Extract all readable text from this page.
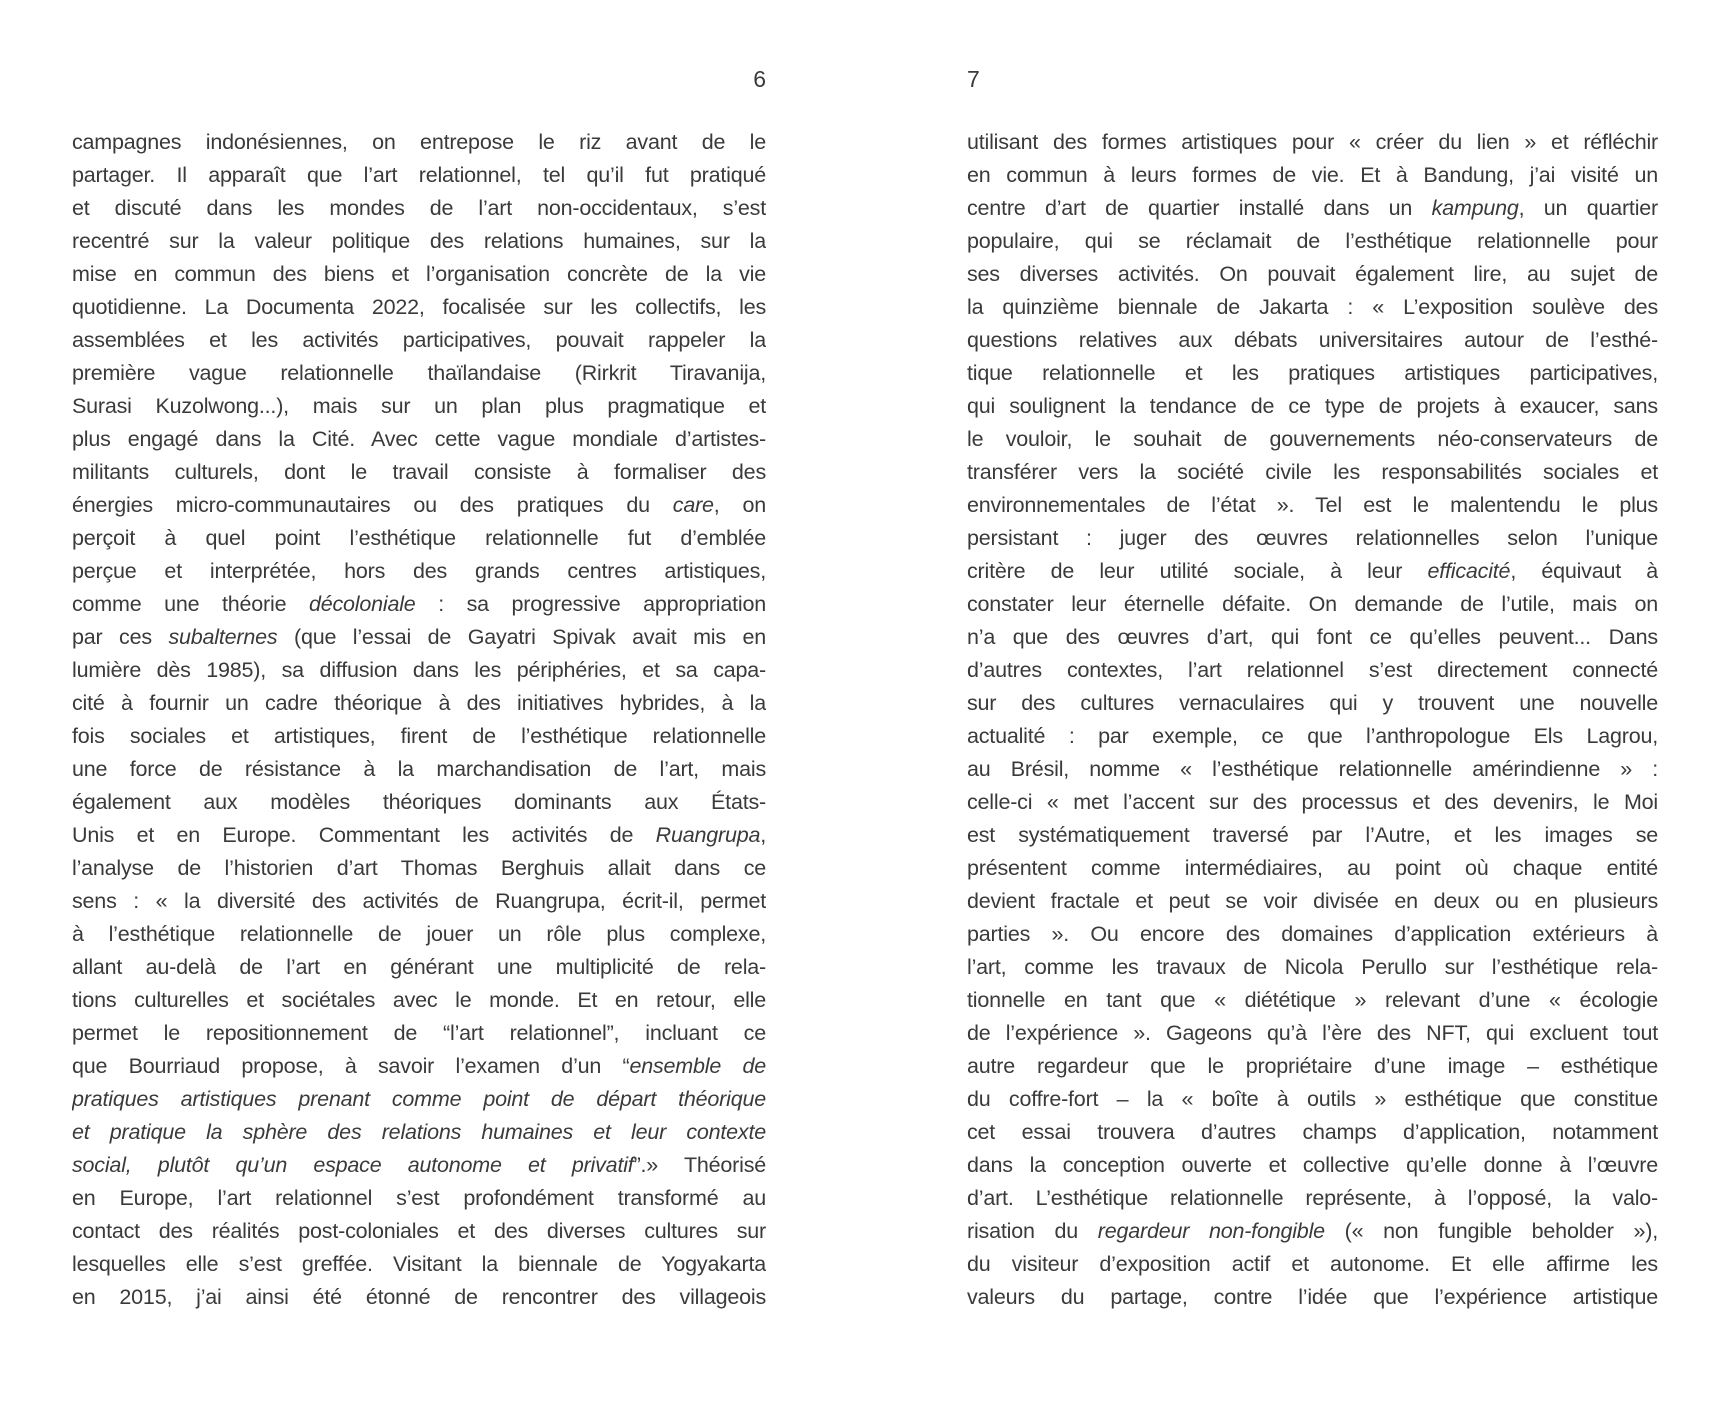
6	7
campagnes indonésiennes, on entrepose le riz avant de le
partager. Il apparaît que l’art relationnel, tel qu’il fut pratiqué
et discuté dans les mondes de l’art non-occidentaux, s’est
recentré sur la valeur politique des relations humaines, sur la
mise en commun des biens et l’organisation concrète de la vie
quotidienne. La Documenta 2022, focalisée sur les collectifs, les
assemblées et les activités participatives, pouvait rappeler la
première vague relationnelle thaïlandaise (Rirkrit Tiravanija,
Surasi Kuzolwong...), mais sur un plan plus pragmatique et
plus engagé dans la Cité. Avec cette vague mondiale d’artistes-
militants culturels, dont le travail consiste à formaliser des
énergies micro-communautaires ou des pratiques du care, on
perçoit à quel point l’esthétique relationnelle fut d’emblée
perçue et interprétée, hors des grands centres artistiques,
comme une théorie décoloniale : sa progressive appropriation
par ces subalternes (que l’essai de Gayatri Spivak avait mis en
lumière dès 1985), sa diffusion dans les périphéries, et sa capa-
cité à fournir un cadre théorique à des initiatives hybrides, à la
fois sociales et artistiques, firent de l’esthétique relationnelle
une force de résistance à la marchandisation de l’art, mais
également aux modèles théoriques dominants aux États-
Unis et en Europe. Commentant les activités de Ruangrupa,
l’analyse de l’historien d’art Thomas Berghuis allait dans ce
sens : « la diversité des activités de Ruangrupa, écrit-il, permet
à l’esthétique relationnelle de jouer un rôle plus complexe,
allant au-delà de l’art en générant une multiplicité de rela-
tions culturelles et sociétales avec le monde. Et en retour, elle
permet le repositionnement de “l’art relationnel”, incluant ce
que Bourriaud propose, à savoir l’examen d’un “ensemble de
pratiques artistiques prenant comme point de départ théorique
et pratique la sphère des relations humaines et leur contexte
social, plutôt qu’un espace autonome et privatif”.» Théorisé
en Europe, l’art relationnel s’est profondément transformé au
contact des réalités post-coloniales et des diverses cultures sur
lesquelles elle s’est greffée. Visitant la biennale de Yogyakarta
en 2015, j’ai ainsi été étonné de rencontrer des villageois
utilisant des formes artistiques pour « créer du lien » et réfléchir
en commun à leurs formes de vie. Et à Bandung, j’ai visité un
centre d’art de quartier installé dans un kampung, un quartier
populaire, qui se réclamait de l’esthétique relationnelle pour
ses diverses activités. On pouvait également lire, au sujet de
la quinzième biennale de Jakarta : « L’exposition soulève des
questions relatives aux débats universitaires autour de l’esthé-
tique relationnelle et les pratiques artistiques participatives,
qui soulignent la tendance de ce type de projets à exaucer, sans
le vouloir, le souhait de gouvernements néo-conservateurs de
transférer vers la société civile les responsabilités sociales et
environnementales de l’état ». Tel est le malentendu le plus
persistant : juger des œuvres relationnelles selon l’unique
critère de leur utilité sociale, à leur efficacité, équivaut à
constater leur éternelle défaite. On demande de l’utile, mais on
n’a que des œuvres d’art, qui font ce qu’elles peuvent... Dans
d’autres contextes, l’art relationnel s’est directement connecté
sur des cultures vernaculaires qui y trouvent une nouvelle
actualité : par exemple, ce que l’anthropologue Els Lagrou,
au Brésil, nomme « l’esthétique relationnelle amérindienne » :
celle-ci « met l’accent sur des processus et des devenirs, le Moi
est systématiquement traversé par l’Autre, et les images se
présentent comme intermédiaires, au point où chaque entité
devient fractale et peut se voir divisée en deux ou en plusieurs
parties ». Ou encore des domaines d’application extérieurs à
l’art, comme les travaux de Nicola Perullo sur l’esthétique rela-
tionnelle en tant que « diététique » relevant d’une « écologie
de l’expérience ». Gageons qu’à l’ère des NFT, qui excluent tout
autre regardeur que le propriétaire d’une image – esthétique
du coffre-fort – la « boîte à outils » esthétique que constitue
cet essai trouvera d’autres champs d’application, notamment
dans la conception ouverte et collective qu’elle donne à l’œuvre
d’art. L’esthétique relationnelle représente, à l’opposé, la valo-
risation du regardeur non-fongible (« non fungible beholder »),
du visiteur d’exposition actif et autonome. Et elle affirme les
valeurs du partage, contre l’idée que l’expérience artistique
